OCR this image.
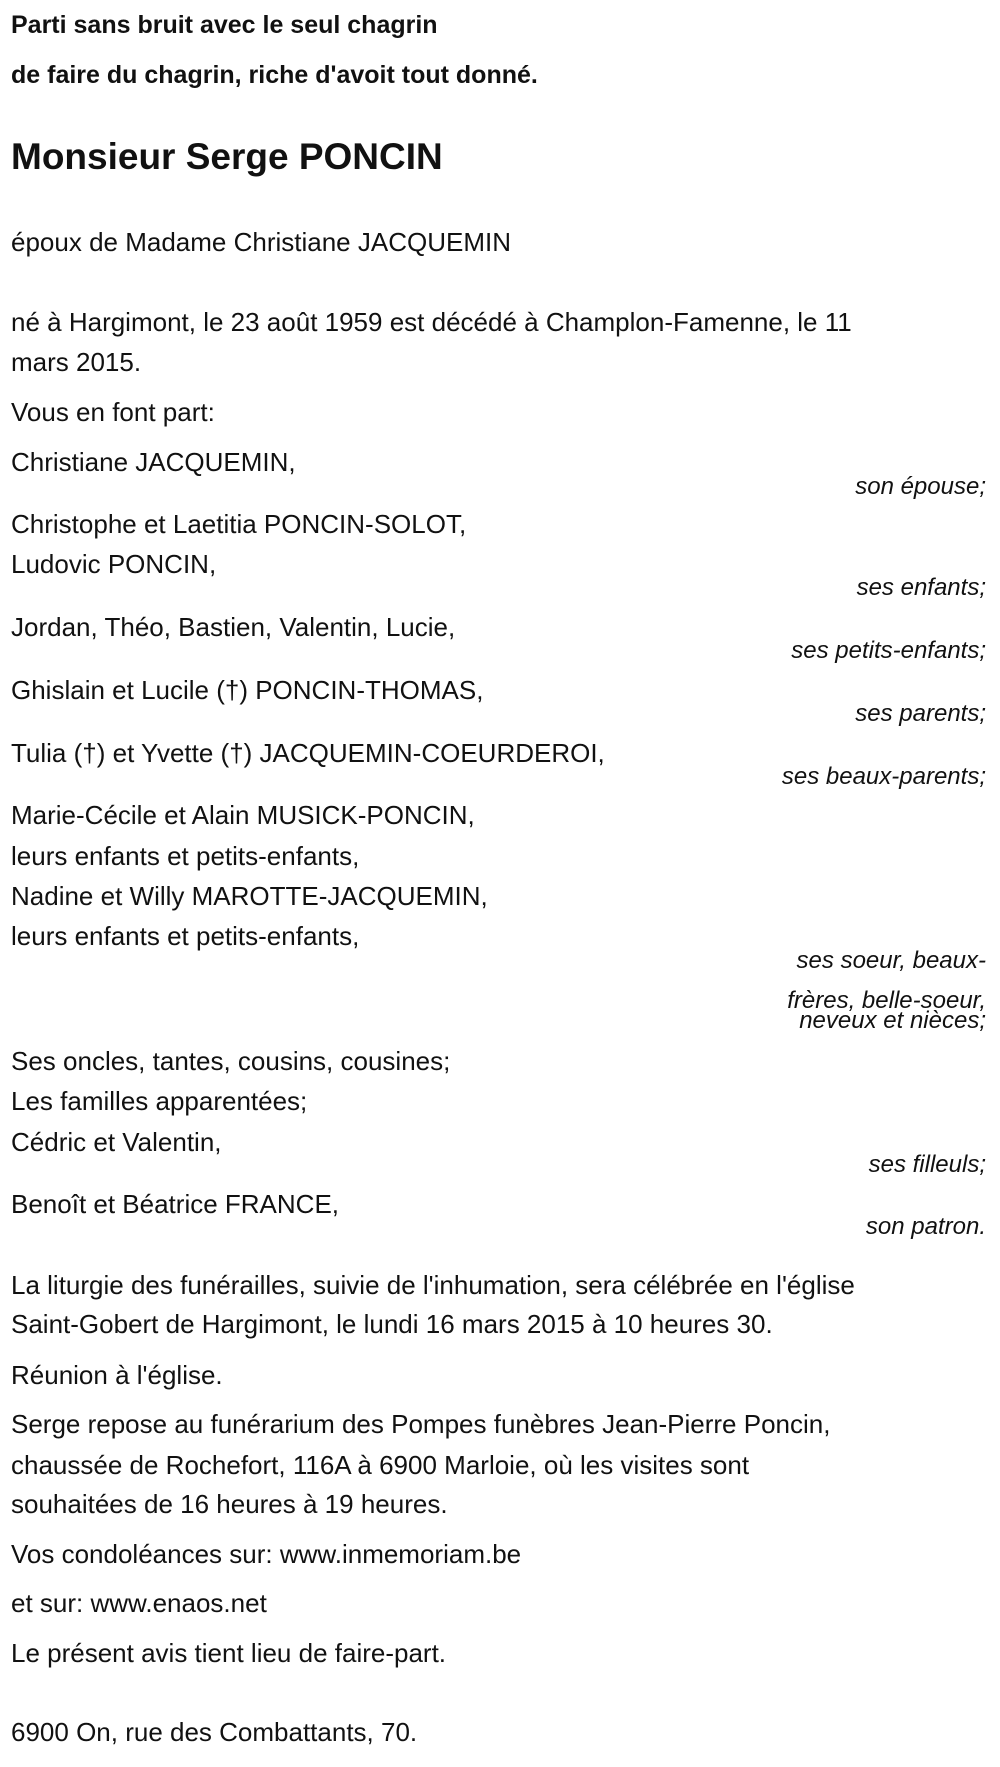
Parti sans bruit avec le seul chagrin
de faire du chagrin, riche d'avoit tout donné.
Monsieur Serge PONCIN
époux de Madame Christiane JACQUEMIN
né à Hargimont, le 23 août 1959 est décédé à Champlon-Famenne, le 11
mars 2015.
Vous en font part:
Christiane JACQUEMIN,
son épouse;
Christophe et Laetitia PONCIN-SOLOT,
Ludovic PONCIN,
ses enfants;
Jordan, Théo, Bastien, Valentin, Lucie,
ses petits-enfants;
Ghislain et Lucile (†) PONCIN-THOMAS,
ses parents;
Tulia (†) et Yvette (†) JACQUEMIN-COEURDEROI,
ses beaux-parents;
Marie-Cécile et Alain MUSICK-PONCIN,
leurs enfants et petits-enfants,
Nadine et Willy MAROTTE-JACQUEMIN,
leurs enfants et petits-enfants,
ses soeur, beaux-
frères, belle-soeur,
neveux et nièces;
Ses oncles, tantes, cousins, cousines;
Les familles apparentées;
Cédric et Valentin,
ses filleuls;
Benoît et Béatrice FRANCE,
son patron.
La liturgie des funérailles, suivie de l'inhumation, sera célébrée en l'église
Saint-Gobert de Hargimont, le lundi 16 mars 2015 à 10 heures 30.
Réunion à l'église.
Serge repose au funérarium des Pompes funèbres Jean-Pierre Poncin,
chaussée de Rochefort, 116A à 6900 Marloie, où les visites sont
souhaitées de 16 heures à 19 heures.
Vos condoléances sur: www.inmemoriam.be
et sur: www.enaos.net
Le présent avis tient lieu de faire-part.
6900 On, rue des Combattants, 70.
